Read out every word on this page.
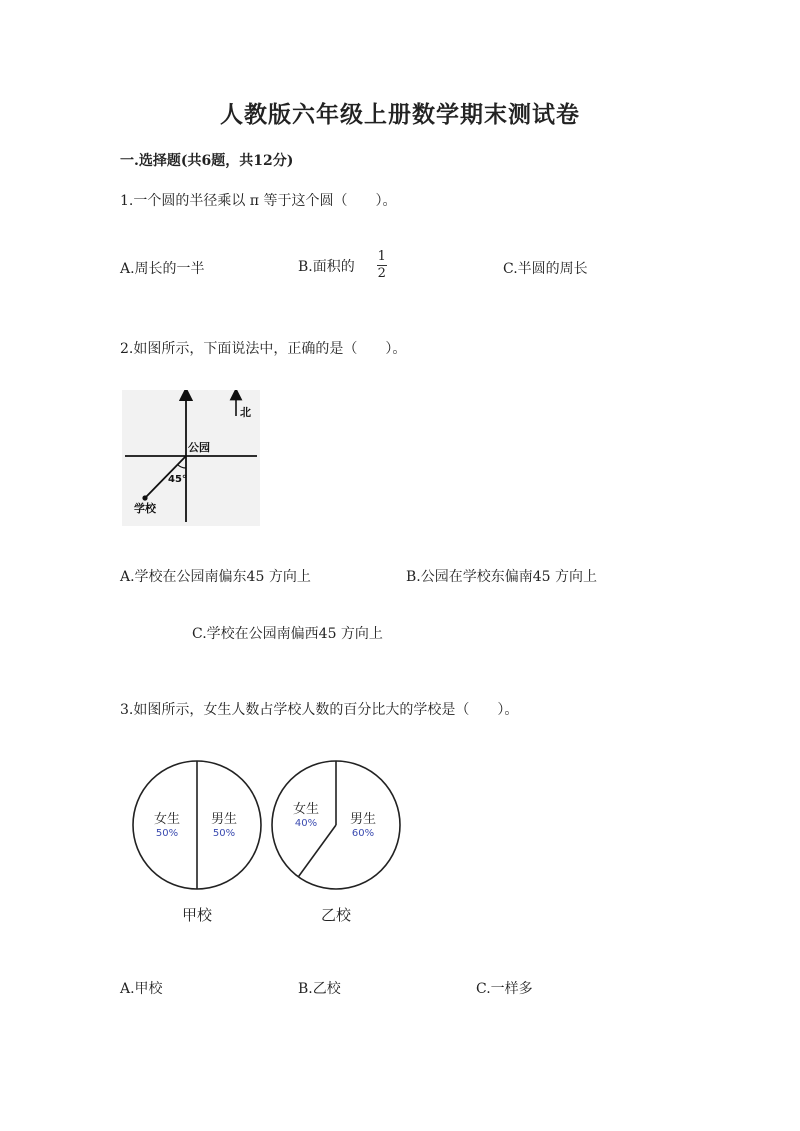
人教版六年级上册数学期末测试卷
一.选择题(共6题，共12分)
1.一个圆的半径乘以 π 等于这个圆（　　）。
A.周长的一半	B.面积的 $\frac{1}{2}$	C.半圆的周长
2.如图所示，下面说法中，正确的是（　　）。
北
公园
45°
学校
A.学校在公园南偏东45 方向上	B.公园在学校东偏南45 方向上
C.学校在公园南偏西45 方向上
3.如图所示，女生人数占学校人数的百分比大的学校是（　　）。
女生
50%
男生
50%
甲校
女生
40%	男生
60%
乙校
A.甲校	B.乙校	C.一样多
